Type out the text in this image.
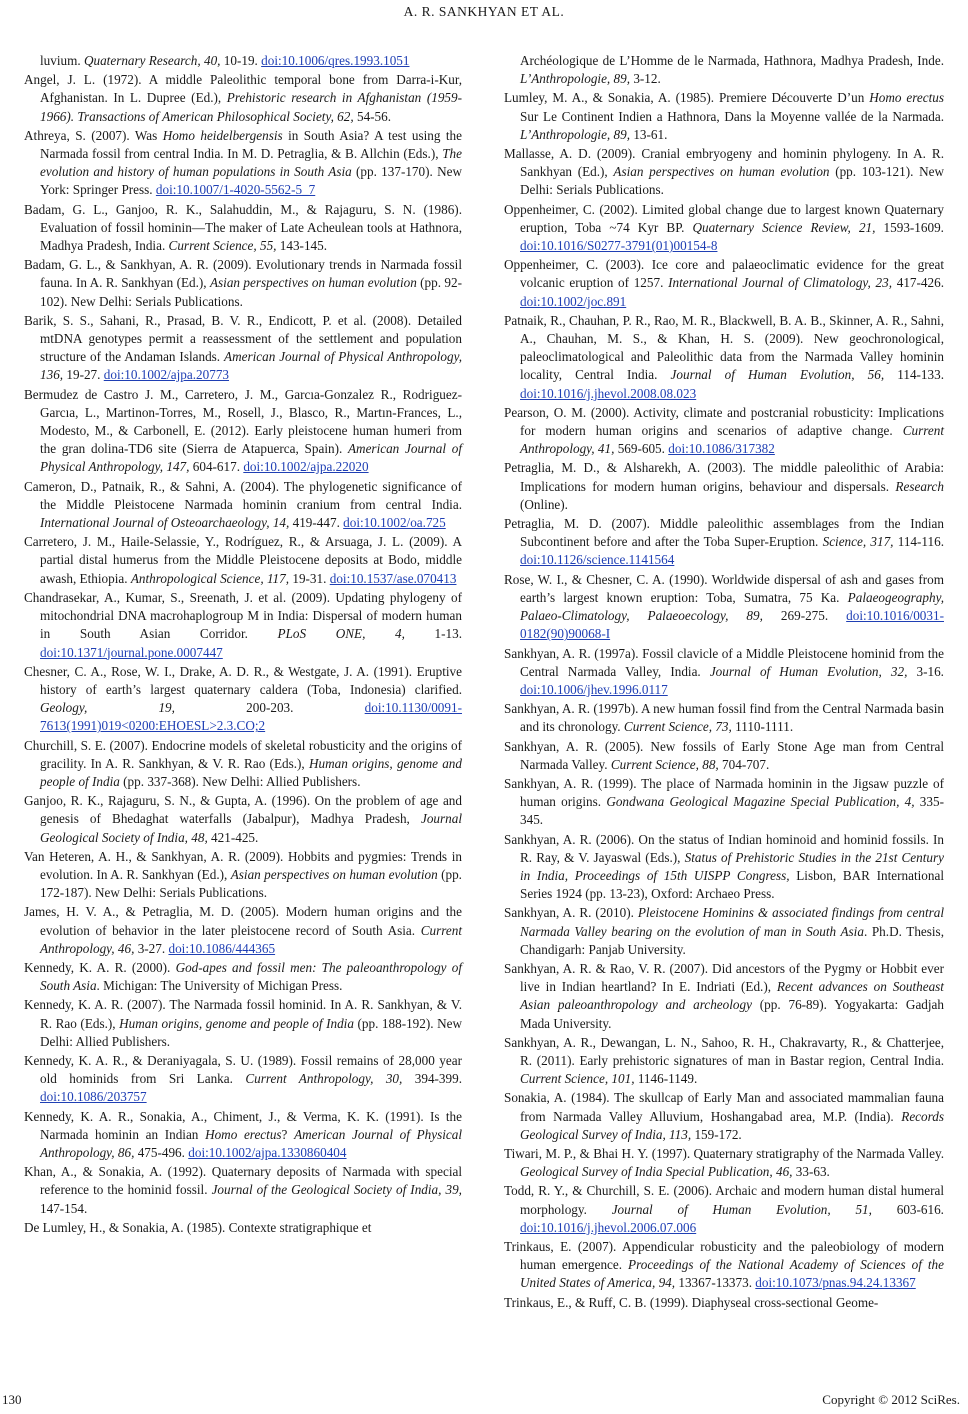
A. R. SANKHYAN ET AL.

luvium. Quaternary Research, 40, 10-19. doi:10.1006/qres.1993.1051

Angel, J. L. (1972). A middle Paleolithic temporal bone from Darra-i-Kur, Afghanistan. In L. Dupree (Ed.), Prehistoric research in Afghanistan (1959-1966). Transactions of American Philosophical Society, 62, 54-56.

Athreya, S. (2007). Was Homo heidelbergensis in South Asia? A test using the Narmada fossil from central India. In M. D. Petraglia, & B. Allchin (Eds.), The evolution and history of human populations in South Asia (pp. 137-170). New York: Springer Press. doi:10.1007/1-4020-5562-5_7

Badam, G. L., Ganjoo, R. K., Salahuddin, M., & Rajaguru, S. N. (1986). Evaluation of fossil hominin—The maker of Late Acheulean tools at Hathnora, Madhya Pradesh, India. Current Science, 55, 143-145.

Badam, G. L., & Sankhyan, A. R. (2009). Evolutionary trends in Narmada fossil fauna. In A. R. Sankhyan (Ed.), Asian perspectives on human evolution (pp. 92-102). New Delhi: Serials Publications.

Barik, S. S., Sahani, R., Prasad, B. V. R., Endicott, P. et al. (2008). Detailed mtDNA genotypes permit a reassessment of the settlement and population structure of the Andaman Islands. American Journal of Physical Anthropology, 136, 19-27. doi:10.1002/ajpa.20773

Bermudez de Castro J. M., Carretero, J. M., Garcıa-Gonzalez R., Rodriguez-Garcıa, L., Martinon-Torres, M., Rosell, J., Blasco, R., Martın-Frances, L., Modesto, M., & Carbonell, E. (2012). Early pleistocene human humeri from the gran dolina-TD6 site (Sierra de Atapuerca, Spain). American Journal of Physical Anthropology, 147, 604-617. doi:10.1002/ajpa.22020

Cameron, D., Patnaik, R., & Sahni, A. (2004). The phylogenetic significance of the Middle Pleistocene Narmada hominin cranium from central India. International Journal of Osteoarchaeology, 14, 419-447. doi:10.1002/oa.725

Carretero, J. M., Haile-Selassie, Y., Rodríguez, R., & Arsuaga, J. L. (2009). A partial distal humerus from the Middle Pleistocene deposits at Bodo, middle awash, Ethiopia. Anthropological Science, 117, 19-31. doi:10.1537/ase.070413

Chandrasekar, A., Kumar, S., Sreenath, J. et al. (2009). Updating phylogeny of mitochondrial DNA macrohaplogroup M in India: Dispersal of modern human in South Asian Corridor. PLoS ONE, 4, 1-13. doi:10.1371/journal.pone.0007447

Chesner, C. A., Rose, W. I., Drake, A. D. R., & Westgate, J. A. (1991). Eruptive history of earth’s largest quaternary caldera (Toba, Indonesia) clarified. Geology, 19, 200-203. doi:10.1130/0091-7613(1991)019<0200:EHOESL>2.3.CO;2

Churchill, S. E. (2007). Endocrine models of skeletal robusticity and the origins of gracility. In A. R. Sankhyan, & V. R. Rao (Eds.), Human origins, genome and people of India (pp. 337-368). New Delhi: Allied Publishers.

Ganjoo, R. K., Rajaguru, S. N., & Gupta, A. (1996). On the problem of age and genesis of Bhedaghat waterfalls (Jabalpur), Madhya Pradesh, Journal Geological Society of India, 48, 421-425.

Van Heteren, A. H., & Sankhyan, A. R. (2009). Hobbits and pygmies: Trends in evolution. In A. R. Sankhyan (Ed.), Asian perspectives on human evolution (pp. 172-187). New Delhi: Serials Publications.

James, H. V. A., & Petraglia, M. D. (2005). Modern human origins and the evolution of behavior in the later pleistocene record of South Asia. Current Anthropology, 46, 3-27. doi:10.1086/444365

Kennedy, K. A. R. (2000). God-apes and fossil men: The paleoanthropology of South Asia. Michigan: The University of Michigan Press.

Kennedy, K. A. R. (2007). The Narmada fossil hominid. In A. R. Sankhyan, & V. R. Rao (Eds.), Human origins, genome and people of India (pp. 188-192). New Delhi: Allied Publishers.

Kennedy, K. A. R., & Deraniyagala, S. U. (1989). Fossil remains of 28,000 year old hominids from Sri Lanka. Current Anthropology, 30, 394-399. doi:10.1086/203757

Kennedy, K. A. R., Sonakia, A., Chiment, J., & Verma, K. K. (1991). Is the Narmada hominin an Indian Homo erectus? American Journal of Physical Anthropology, 86, 475-496. doi:10.1002/ajpa.1330860404

Khan, A., & Sonakia, A. (1992). Quaternary deposits of Narmada with special reference to the hominid fossil. Journal of the Geological Society of India, 39, 147-154.

De Lumley, H., & Sonakia, A. (1985). Contexte stratigraphique et

Archéologique de L’Homme de le Narmada, Hathnora, Madhya Pradesh, Inde. L’Anthropologie, 89, 3-12.

Lumley, M. A., & Sonakia, A. (1985). Premiere Découverte D’un Homo erectus Sur Le Continent Indien a Hathnora, Dans la Moyenne vallée de la Narmada. L’Anthropologie, 89, 13-61.

Mallasse, A. D. (2009). Cranial embryogeny and hominin phylogeny. In A. R. Sankhyan (Ed.), Asian perspectives on human evolution (pp. 103-121). New Delhi: Serials Publications.

Oppenheimer, C. (2002). Limited global change due to largest known Quaternary eruption, Toba ~74 Kyr BP. Quaternary Science Review, 21, 1593-1609. doi:10.1016/S0277-3791(01)00154-8

Oppenheimer, C. (2003). Ice core and palaeoclimatic evidence for the great volcanic eruption of 1257. International Journal of Climatology, 23, 417-426. doi:10.1002/joc.891

Patnaik, R., Chauhan, P. R., Rao, M. R., Blackwell, B. A. B., Skinner, A. R., Sahni, A., Chauhan, M. S., & Khan, H. S. (2009). New geochronological, paleoclimatological and Paleolithic data from the Narmada Valley hominin locality, Central India. Journal of Human Evolution, 56, 114-133. doi:10.1016/j.jhevol.2008.08.023

Pearson, O. M. (2000). Activity, climate and postcranial robusticity: Implications for modern human origins and scenarios of adaptive change. Current Anthropology, 41, 569-605. doi:10.1086/317382

Petraglia, M. D., & Alsharekh, A. (2003). The middle paleolithic of Arabia: Implications for modern human origins, behaviour and dispersals. Research (Online).

Petraglia, M. D. (2007). Middle paleolithic assemblages from the Indian Subcontinent before and after the Toba Super-Eruption. Science, 317, 114-116. doi:10.1126/science.1141564

Rose, W. I., & Chesner, C. A. (1990). Worldwide dispersal of ash and gases from earth’s largest known eruption: Toba, Sumatra, 75 Ka. Palaeogeography, Palaeo-Climatology, Palaeoecology, 89, 269-275. doi:10.1016/0031-0182(90)90068-I

Sankhyan, A. R. (1997a). Fossil clavicle of a Middle Pleistocene hominid from the Central Narmada Valley, India. Journal of Human Evolution, 32, 3-16. doi:10.1006/jhev.1996.0117

Sankhyan, A. R. (1997b). A new human fossil find from the Central Narmada basin and its chronology. Current Science, 73, 1110-1111.

Sankhyan, A. R. (2005). New fossils of Early Stone Age man from Central Narmada Valley. Current Science, 88, 704-707.

Sankhyan, A. R. (1999). The place of Narmada hominin in the Jigsaw puzzle of human origins. Gondwana Geological Magazine Special Publication, 4, 335-345.

Sankhyan, A. R. (2006). On the status of Indian hominoid and hominid fossils. In R. Ray, & V. Jayaswal (Eds.), Status of Prehistoric Studies in the 21st Century in India, Proceedings of 15th UISPP Congress, Lisbon, BAR International Series 1924 (pp. 13-23), Oxford: Archaeo Press.

Sankhyan, A. R. (2010). Pleistocene Hominins & associated findings from central Narmada Valley bearing on the evolution of man in South Asia. Ph.D. Thesis, Chandigarh: Panjab University.

Sankhyan, A. R. & Rao, V. R. (2007). Did ancestors of the Pygmy or Hobbit ever live in Indian heartland? In E. Indriati (Ed.), Recent advances on Southeast Asian paleoanthropology and archeology (pp. 76-89). Yogyakarta: Gadjah Mada University.

Sankhyan, A. R., Dewangan, L. N., Sahoo, R. H., Chakravarty, R., & Chatterjee, R. (2011). Early prehistoric signatures of man in Bastar region, Central India. Current Science, 101, 1146-1149.

Sonakia, A. (1984). The skullcap of Early Man and associated mammalian fauna from Narmada Valley Alluvium, Hoshangabad area, M.P. (India). Records Geological Survey of India, 113, 159-172.

Tiwari, M. P., & Bhai H. Y. (1997). Quaternary stratigraphy of the Narmada Valley. Geological Survey of India Special Publication, 46, 33-63.

Todd, R. Y., & Churchill, S. E. (2006). Archaic and modern human distal humeral morphology. Journal of Human Evolution, 51, 603-616. doi:10.1016/j.jhevol.2006.07.006

Trinkaus, E. (2007). Appendicular robusticity and the paleobiology of modern human emergence. Proceedings of the National Academy of Sciences of the United States of America, 94, 13367-13373. doi:10.1073/pnas.94.24.13367

Trinkaus, E., & Ruff, C. B. (1999). Diaphyseal cross-sectional Geome-

130	Copyright © 2012 SciRes.
